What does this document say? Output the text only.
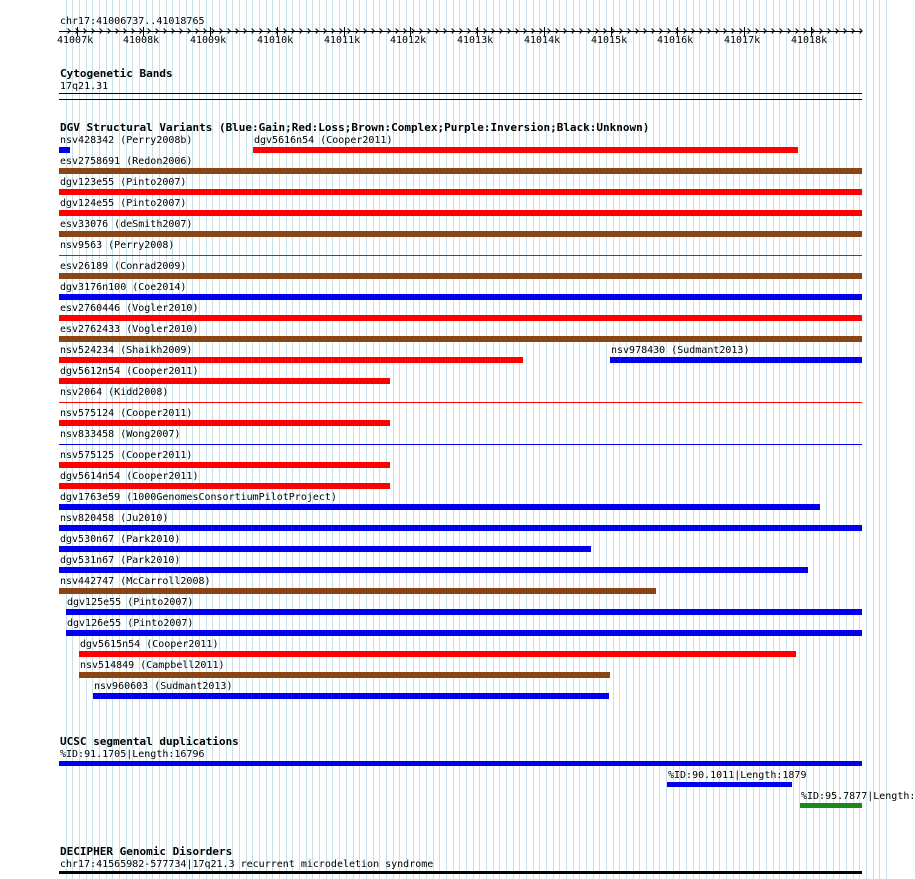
chr17:41006737..41018765
41007k	41008k	41009k	41010k	41011k	41012k	41013k	41014k	41015k	41016k	41017k	41018k
Cytogenetic Bands
17q21.31
DGV Structural Variants (Blue:Gain;Red:Loss;Brown:Complex;Purple:Inversion;Black:Unknown)
nsv428342 (Perry2008b)	dgv5616n54 (Cooper2011)
esv2758691 (Redon2006)
dgv123e55 (Pinto2007)
dgv124e55 (Pinto2007)
esv33076 (deSmith2007)
nsv9563 (Perry2008)
esv26189 (Conrad2009)
dgv3176n100 (Coe2014)
esv2760446 (Vogler2010)
esv2762433 (Vogler2010)
nsv524234 (Shaikh2009)	nsv978430 (Sudmant2013)
dgv5612n54 (Cooper2011)
nsv2064 (Kidd2008)
nsv575124 (Cooper2011)
nsv833458 (Wong2007)
nsv575125 (Cooper2011)
dgv5614n54 (Cooper2011)
dgv1763e59 (1000GenomesConsortiumPilotProject)
nsv820458 (Ju2010)
dgv530n67 (Park2010)
dgv531n67 (Park2010)
nsv442747 (McCarroll2008)
dgv125e55 (Pinto2007)
dgv126e55 (Pinto2007)
dgv5615n54 (Cooper2011)
nsv514849 (Campbell2011)
nsv960603 (Sudmant2013)
UCSC segmental duplications
%ID:91.1705|Length:16796
%ID:90.1011|Length:1879
%ID:95.7877|Length:
DECIPHER Genomic Disorders
chr17:41565982-577734|17q21.3 recurrent microdeletion syndrome
